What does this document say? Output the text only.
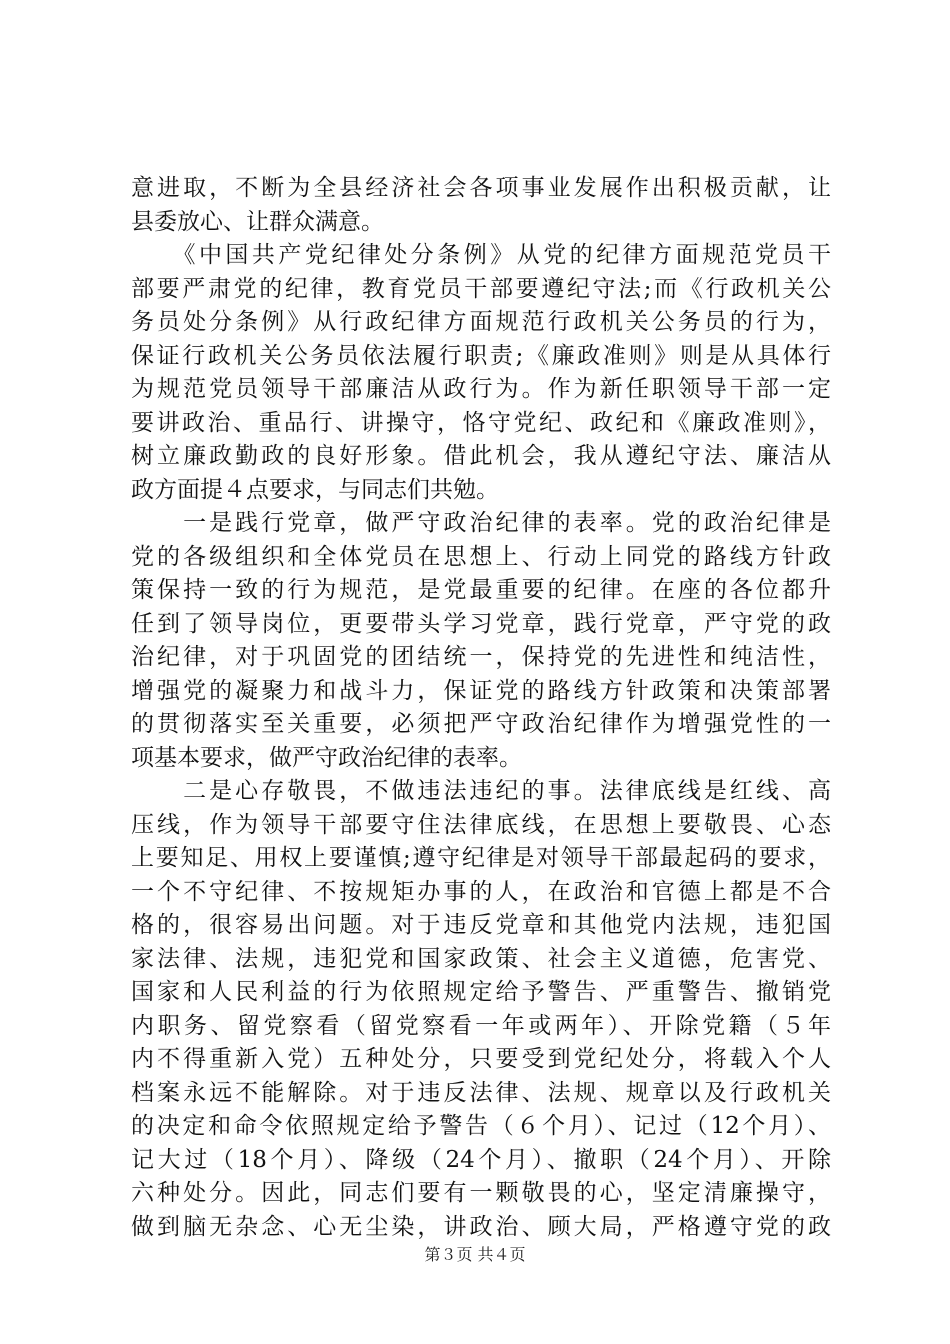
意进取，不断为全县经济社会各项事业发展作出积极贡献，让
县委放心、让群众满意。
　　《中国共产党纪律处分条例》从党的纪律方面规范党员干
部要严肃党的纪律，教育党员干部要遵纪守法;而《行政机关公
务员处分条例》从行政纪律方面规范行政机关公务员的行为，
保证行政机关公务员依法履行职责;《廉政准则》则是从具体行
为规范党员领导干部廉洁从政行为。作为新任职领导干部一定
要讲政治、重品行、讲操守，恪守党纪、政纪和《廉政准则》，
树立廉政勤政的良好形象。借此机会，我从遵纪守法、廉洁从
政方面提４点要求，与同志们共勉。
　　一是践行党章，做严守政治纪律的表率。党的政治纪律是
党的各级组织和全体党员在思想上、行动上同党的路线方针政
策保持一致的行为规范，是党最重要的纪律。在座的各位都升
任到了领导岗位，更要带头学习党章，践行党章，严守党的政
治纪律，对于巩固党的团结统一，保持党的先进性和纯洁性，
增强党的凝聚力和战斗力，保证党的路线方针政策和决策部署
的贯彻落实至关重要，必须把严守政治纪律作为增强党性的一
项基本要求，做严守政治纪律的表率。
　　二是心存敬畏，不做违法违纪的事。法律底线是红线、高
压线，作为领导干部要守住法律底线，在思想上要敬畏、心态
上要知足、用权上要谨慎;遵守纪律是对领导干部最起码的要求，
一个不守纪律、不按规矩办事的人，在政治和官德上都是不合
格的，很容易出问题。对于违反党章和其他党内法规，违犯国
家法律、法规，违犯党和国家政策、社会主义道德，危害党、
国家和人民利益的行为依照规定给予警告、严重警告、撤销党
内职务、留党察看（留党察看一年或两年）、开除党籍（５年
内不得重新入党）五种处分，只要受到党纪处分，将载入个人
档案永远不能解除。对于违反法律、法规、规章以及行政机关
的决定和命令依照规定给予警告（６个月）、记过（12个月）、
记大过（18个月）、降级（24个月）、撤职（24个月）、开除
六种处分。因此，同志们要有一颗敬畏的心，坚定清廉操守，
做到脑无杂念、心无尘染，讲政治、顾大局，严格遵守党的政
第３页 共４页
